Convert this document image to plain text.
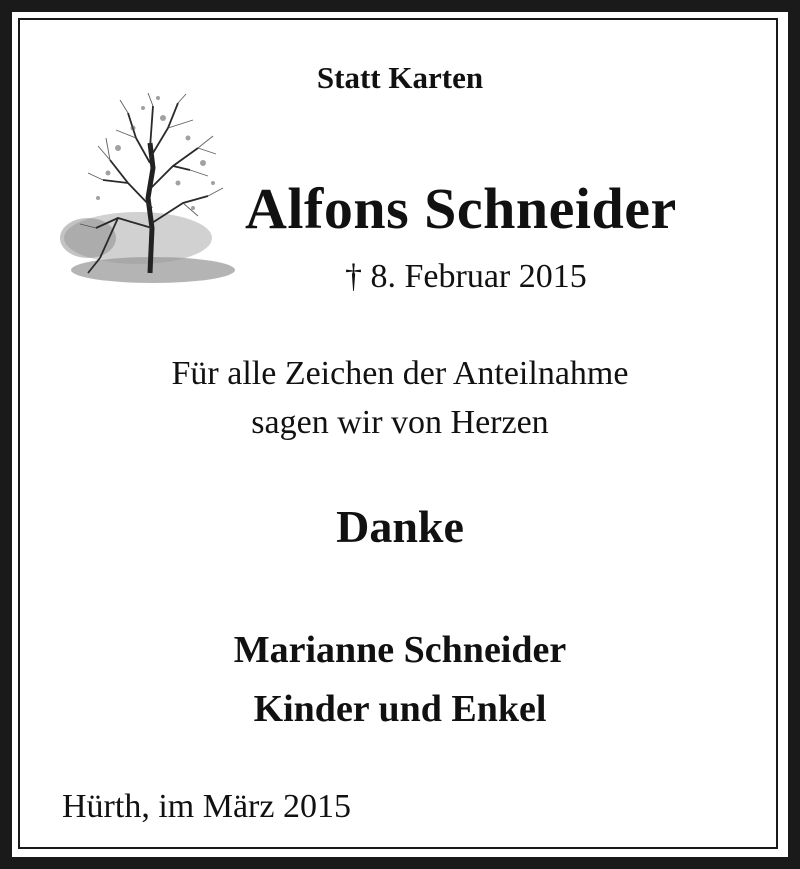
Statt Karten
Alfons Schneider
† 8. Februar 2015
Für alle Zeichen der Anteilnahme
sagen wir von Herzen
Danke
Marianne Schneider
Kinder und Enkel
Hürth, im März 2015
